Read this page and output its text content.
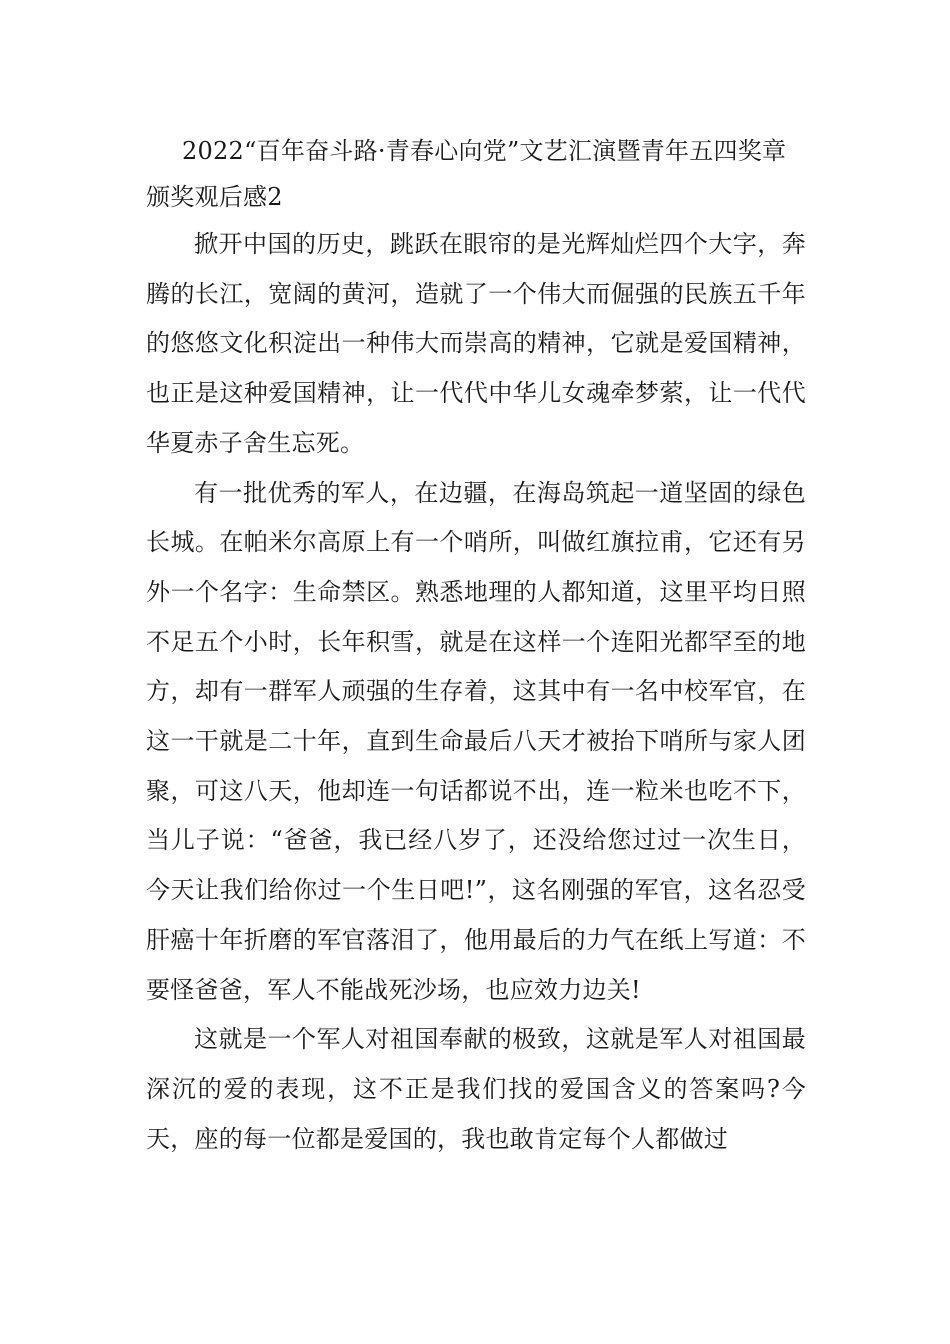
2022“百年奋斗路·青春心向党”文艺汇演暨青年五四奖章颁奖观后感2

掀开中国的历史，跳跃在眼帘的是光辉灿烂四个大字，奔腾的长江，宽阔的黄河，造就了一个伟大而倔强的民族五千年的悠悠文化积淀出一种伟大而崇高的精神，它就是爱国精神，也正是这种爱国精神，让一代代中华儿女魂牵梦萦，让一代代华夏赤子舍生忘死。

有一批优秀的军人，在边疆，在海岛筑起一道坚固的绿色长城。在帕米尔高原上有一个哨所，叫做红旗拉甫，它还有另外一个名字：生命禁区。熟悉地理的人都知道，这里平均日照不足五个小时，长年积雪，就是在这样一个连阳光都罕至的地方，却有一群军人顽强的生存着，这其中有一名中校军官，在这一干就是二十年，直到生命最后八天才被抬下哨所与家人团聚，可这八天，他却连一句话都说不出，连一粒米也吃不下，当儿子说：“爸爸，我已经八岁了，还没给您过过一次生日，今天让我们给你过一个生日吧!”，这名刚强的军官，这名忍受肝癌十年折磨的军官落泪了，他用最后的力气在纸上写道：不要怪爸爸，军人不能战死沙场，也应效力边关!

这就是一个军人对祖国奉献的极致，这就是军人对祖国最深沉的爱的表现，这不正是我们找的爱国含义的答案吗?今天，座的每一位都是爱国的，我也敢肯定每个人都做过
